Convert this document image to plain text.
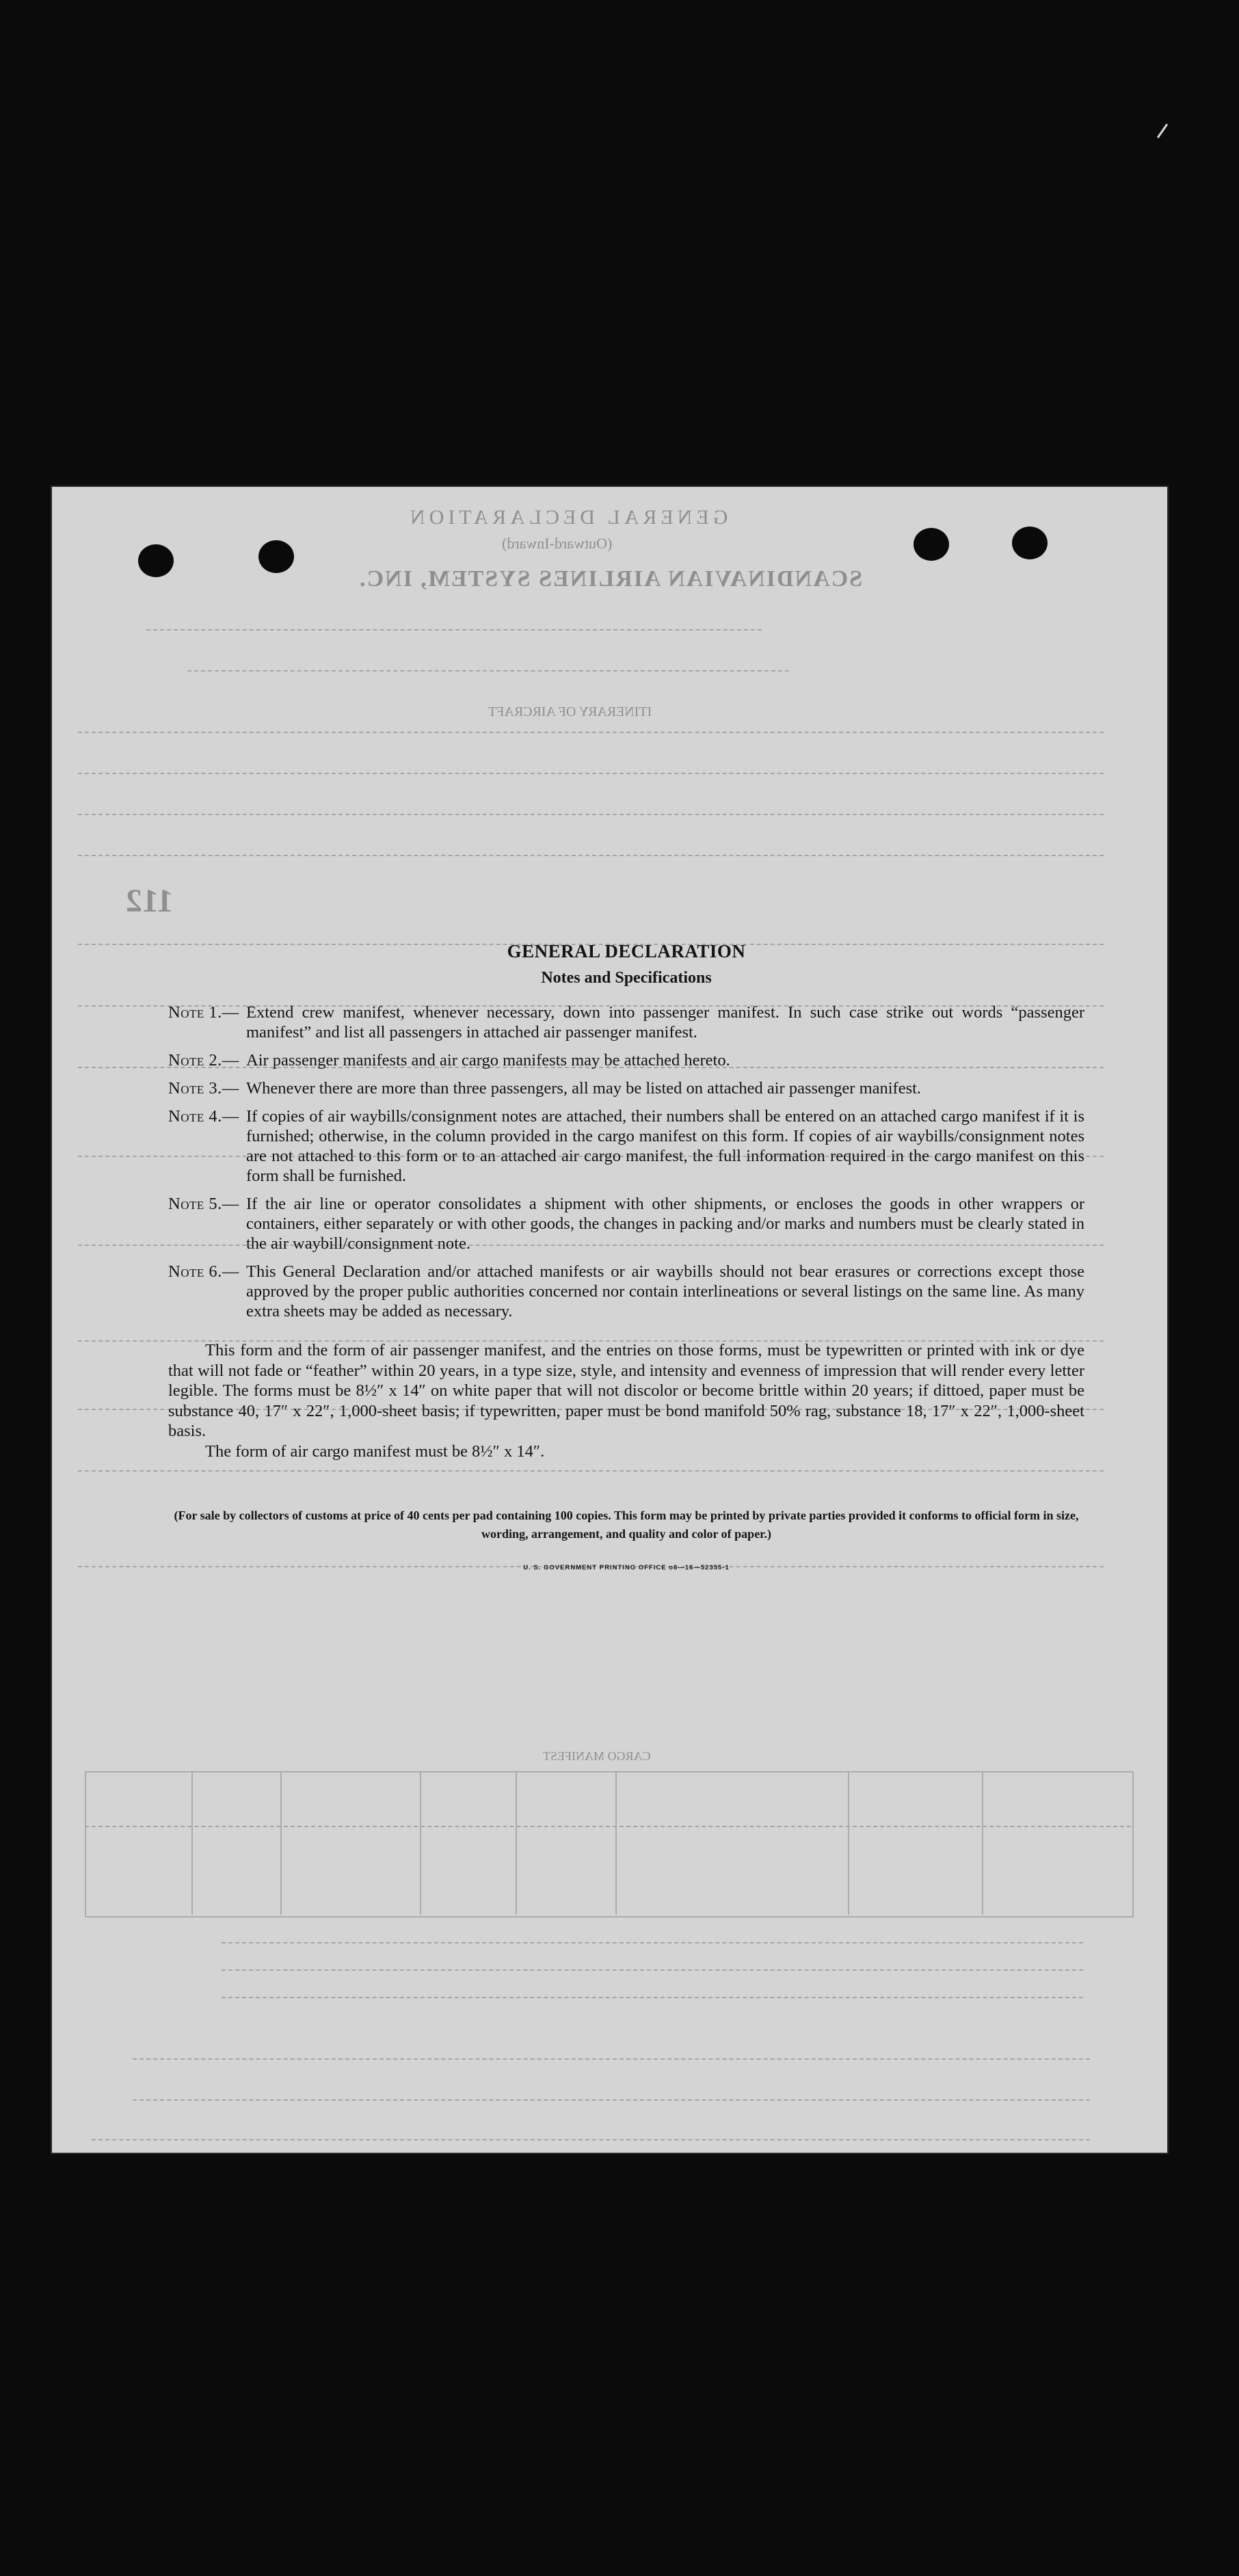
GENERAL DECLARATION
(Outward-Inward)
SCANDINAVIAN AIRLINES SYSTEM, INC.
ITINERARY OF AIRCRAFT
112
CARGO MANIFEST
GENERAL DECLARATION
Notes and Specifications
Note 1.— Extend crew manifest, whenever necessary, down into passenger manifest. In such case strike out words “passenger manifest” and list all passengers in attached air passenger manifest.
Note 2.— Air passenger manifests and air cargo manifests may be attached hereto.
Note 3.— Whenever there are more than three passengers, all may be listed on attached air passenger manifest.
Note 4.— If copies of air waybills/consignment notes are attached, their numbers shall be entered on an attached cargo manifest if it is furnished; otherwise, in the column provided in the cargo manifest on this form. If copies of air waybills/consignment notes are not attached to this form or to an attached air cargo manifest, the full information required in the cargo manifest on this form shall be furnished.
Note 5.— If the air line or operator consolidates a shipment with other shipments, or encloses the goods in other wrappers or containers, either separately or with other goods, the changes in packing and/or marks and numbers must be clearly stated in the air waybill/consignment note.
Note 6.— This General Declaration and/or attached manifests or air waybills should not bear erasures or corrections except those approved by the proper public authorities concerned nor contain interlineations or several listings on the same line. As many extra sheets may be added as necessary.

This form and the form of air passenger manifest, and the entries on those forms, must be typewritten or printed with ink or dye that will not fade or “feather” within 20 years, in a type size, style, and intensity and evenness of impression that will render every letter legible. The forms must be 8½″ x 14″ on white paper that will not discolor or become brittle within 20 years; if dittoed, paper must be substance 40, 17″ x 22″, 1,000-sheet basis; if typewritten, paper must be bond manifold 50% rag, substance 18, 17″ x 22″, 1,000-sheet basis.

The form of air cargo manifest must be 8½″ x 14″.

(For sale by collectors of customs at price of 40 cents per pad containing 100 copies. This form may be printed by private parties provided it conforms to official form in size, wording, arrangement, and quality and color of paper.)
U. S. GOVERNMENT PRINTING OFFICE o6—16—52355-1
